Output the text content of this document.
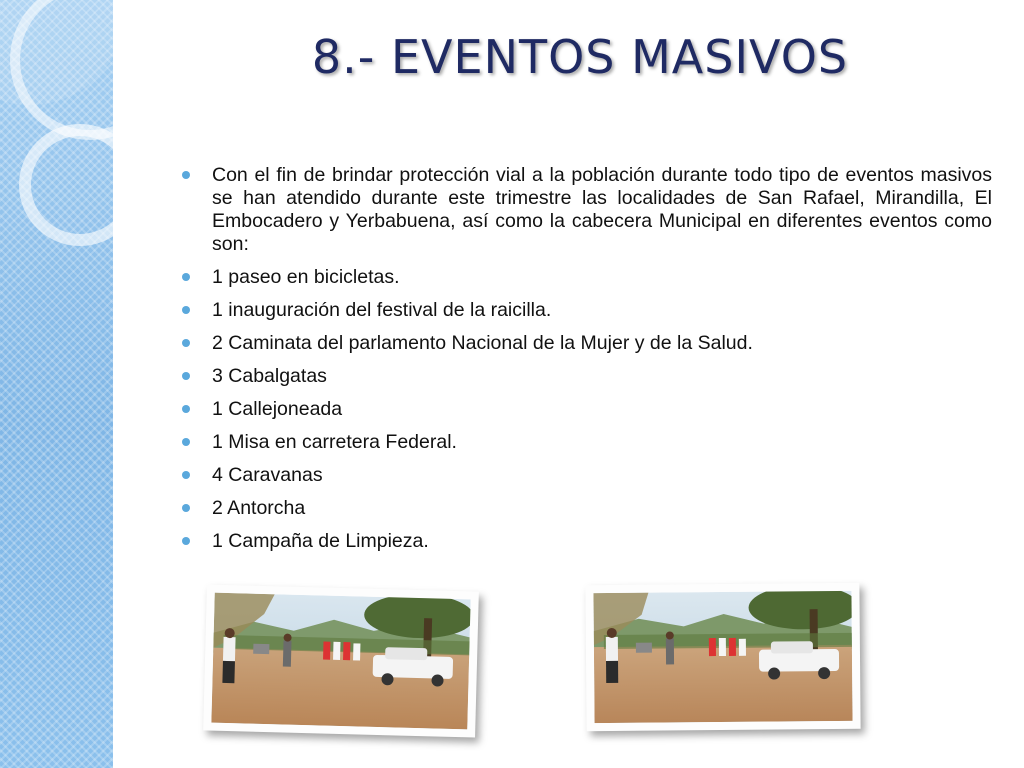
8.- EVENTOS MASIVOS
Con el fin de brindar protección vial a la población durante todo tipo de eventos masivos se han atendido durante este trimestre las localidades de San Rafael, Mirandilla, El Embocadero y Yerbabuena, así como la cabecera Municipal en diferentes eventos como son:
1 paseo en bicicletas.
1 inauguración del festival de la raicilla.
2 Caminata del parlamento Nacional de la Mujer y de la Salud.
3 Cabalgatas
1 Callejoneada
1 Misa en carretera Federal.
4 Caravanas
2 Antorcha
1 Campaña de Limpieza.
